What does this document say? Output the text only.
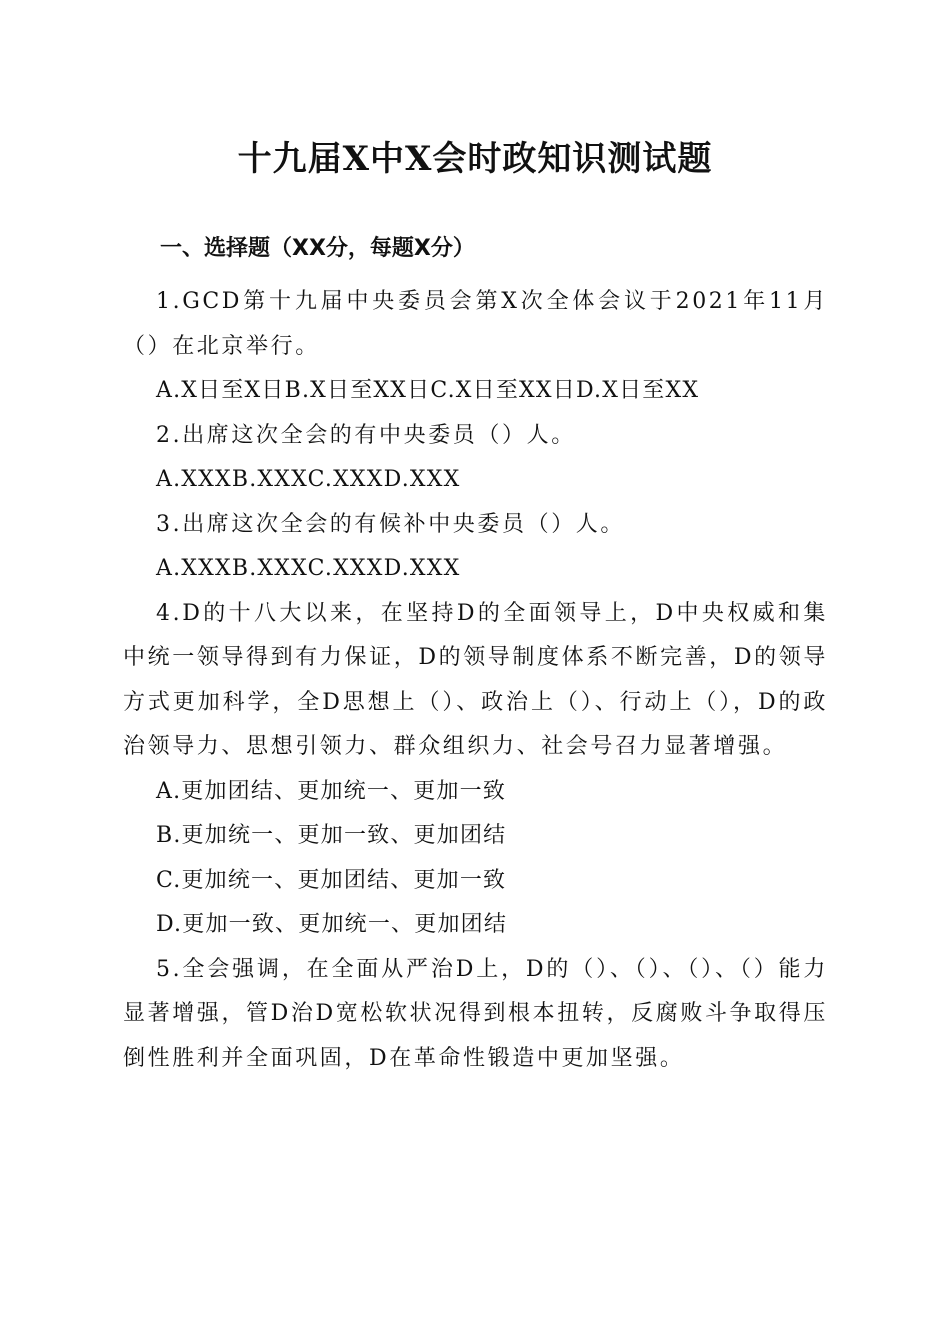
十九届X中X会时政知识测试题
一、选择题（XX分，每题X分）

1.GCD第十九届中央委员会第X次全体会议于2021年11月（）在北京举行。

A.X日至X日B.X日至XX日C.X日至XX日D.X日至XX

2.出席这次全会的有中央委员（）人。

A.XXXB.XXXC.XXXD.XXX

3.出席这次全会的有候补中央委员（）人。

A.XXXB.XXXC.XXXD.XXX

4.D的十八大以来，在坚持D的全面领导上，D中央权威和集中统一领导得到有力保证，D的领导制度体系不断完善，D的领导方式更加科学，全D思想上（）、政治上（）、行动上（），D的政治领导力、思想引领力、群众组织力、社会号召力显著增强。

A.更加团结、更加统一、更加一致

B.更加统一、更加一致、更加团结

C.更加统一、更加团结、更加一致

D.更加一致、更加统一、更加团结

5.全会强调，在全面从严治D上，D的（）、（）、（）、（）能力显著增强，管D治D宽松软状况得到根本扭转，反腐败斗争取得压倒性胜利并全面巩固，D在革命性锻造中更加坚强。
